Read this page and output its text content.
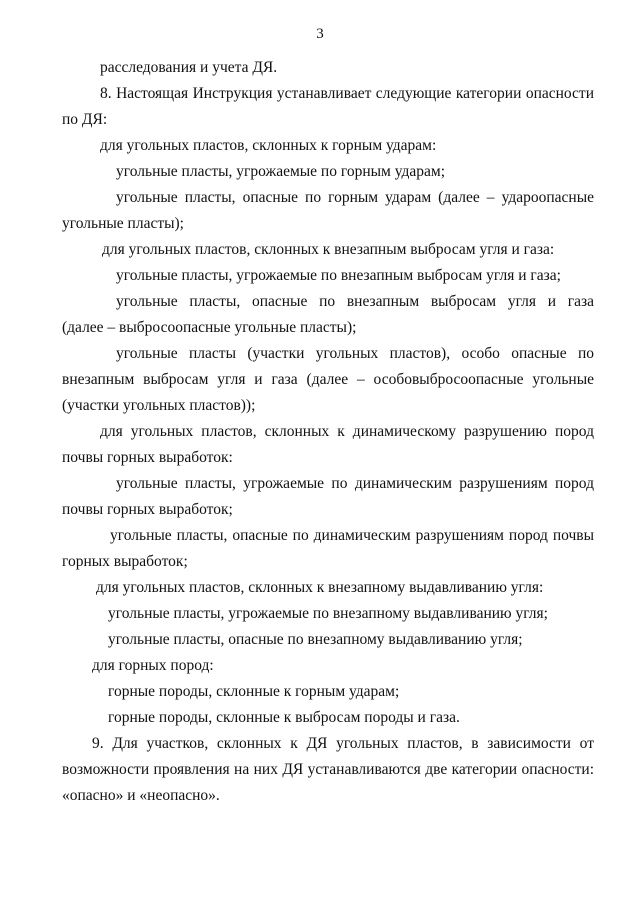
3
расследования и учета ДЯ.
8. Настоящая Инструкция устанавливает следующие категории опасности
по ДЯ:
для угольных пластов, склонных к горным ударам:
угольные пласты, угрожаемые по горным ударам;
угольные пласты, опасные по горным ударам (далее – удароопасные
угольные пласты);
для угольных пластов, склонных к внезапным выбросам угля и газа:
угольные пласты, угрожаемые по внезапным выбросам угля и газа;
угольные пласты, опасные по внезапным выбросам угля и газа
(далее – выбросоопасные угольные пласты);
угольные пласты (участки угольных пластов), особо опасные по
внезапным выбросам угля и газа (далее – особовыбросоопасные угольные
(участки угольных пластов));
для угольных пластов, склонных к динамическому разрушению пород
почвы горных выработок:
угольные пласты, угрожаемые по динамическим разрушениям пород
почвы горных выработок;
угольные пласты, опасные по динамическим разрушениям пород почвы
горных выработок;
для угольных пластов, склонных к внезапному выдавливанию угля:
угольные пласты, угрожаемые по внезапному выдавливанию угля;
угольные пласты, опасные по внезапному выдавливанию угля;
для горных пород:
горные породы, склонные к горным ударам;
горные породы, склонные к выбросам породы и газа.
9. Для участков, склонных к ДЯ угольных пластов, в зависимости от
возможности проявления на них ДЯ устанавливаются две категории опасности:
«опасно» и «неопасно».
